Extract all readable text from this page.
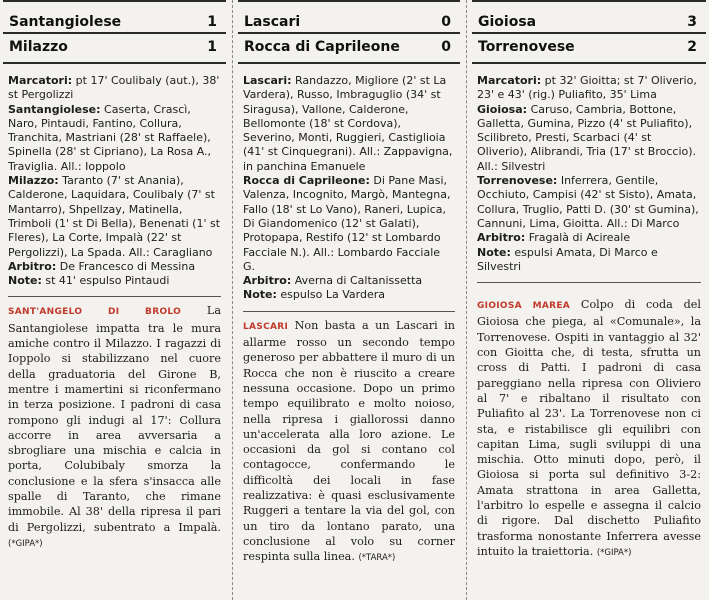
Santangiolese	1
Milazzo	1

Marcatori: pt 17' Coulibaly (aut.), 38' st Pergolizzi

Santangiolese: Caserta, Crascì, Naro, Pintaudi, Fantino, Collura, Tranchita, Mastriani (28' st Raffaele), Spinella (28' st Cipriano), La Rosa A., Traviglia. All.: Ioppolo

Milazzo: Taranto (7' st Anania), Calderone, Laquidara, Coulibaly (7' st Mantarro), Shpellzay, Matinella, Trimboli (1' st Di Bella), Benenati (1' st Fleres), La Corte, Impalà (22' st Pergolizzi), La Spada. All.: Caragliano

Arbitro: De Francesco di Messina

Note: st 41' espulso Pintaudi

SANT'ANGELO DI BROLO La Santangiolese impatta tra le mura amiche contro il Milazzo. I ragazzi di Ioppolo si stabilizzano nel cuore della graduatoria del Girone B, mentre i mamertini si riconfermano in terza posizione. I padroni di casa rompono gli indugi al 17': Collura accorre in area avversaria a sbrogliare una mischia e calcia in porta, Colubibaly smorza la conclusione e la sfera s'insacca alle spalle di Taranto, che rimane immobile. Al 38' della ripresa il pari di Pergolizzi, subentrato a Impalà. (*GIPA*)
Lascari	0
Rocca di Caprileone	0

Lascari: Randazzo, Migliore (2' st La Vardera), Russo, Imbraguglio (34' st Siragusa), Vallone, Calderone, Bellomonte (18' st Cordova), Severino, Monti, Ruggieri, Castiglioia (41' st Cinquegrani). All.: Zappavigna, in panchina Emanuele

Rocca di Caprileone: Di Pane Masi, Valenza, Incognito, Margò, Mantegna, Fallo (18' st Lo Vano), Raneri, Lupica, Di Giandomenico (12' st Galati), Protopapa, Restifo (12' st Lombardo Facciale N.). All.: Lombardo Facciale G.

Arbitro: Averna di Caltanissetta

Note: espulso La Vardera

LASCARI Non basta a un Lascari in allarme rosso un secondo tempo generoso per abbattere il muro di un Rocca che non è riuscito a creare nessuna occasione. Dopo un primo tempo equilibrato e molto noioso, nella ripresa i giallorossi danno un'accelerata alla loro azione. Le occasioni da gol si contano col contagocce, confermando le difficoltà dei locali in fase realizzativa: è quasi esclusivamente Ruggeri a tentare la via del gol, con un tiro da lontano parato, una conclusione al volo su corner respinta sulla linea. (*TARA*)
Gioiosa	3
Torrenovese	2

Marcatori: pt 32' Gioitta; st 7' Oliverio, 23' e 43' (rig.) Puliafito, 35' Lima

Gioiosa: Caruso, Cambria, Bottone, Galletta, Gumina, Pizzo (4' st Puliafito), Scilibreto, Presti, Scarbaci (4' st Oliverio), Alibrandi, Tria (17' st Broccio). All.: Silvestri

Torrenovese: Inferrera, Gentile, Occhiuto, Campisi (42' st Sisto), Amata, Collura, Truglio, Patti D. (30' st Gumina), Cannuni, Lima, Gioitta. All.: Di Marco

Arbitro: Fragalà di Acireale

Note: espulsi Amata, Di Marco e Silvestri

GIOIOSA MAREA Colpo di coda del Gioiosa che piega, al «Comunale», la Torrenovese. Ospiti in vantaggio al 32' con Gioitta che, di testa, sfrutta un cross di Patti. I padroni di casa pareggiano nella ripresa con Oliviero al 7' e ribaltano il risultato con Puliafito al 23'. La Torrenovese non ci sta, e ristabilisce gli equilibri con capitan Lima, sugli sviluppi di una mischia. Otto minuti dopo, però, il Gioiosa si porta sul definitivo 3-2: Amata strattona in area Galletta, l'arbitro lo espelle e assegna il calcio di rigore. Dal dischetto Puliafito trasforma nonostante Inferrera avesse intuito la traiettoria. (*GIPA*)
